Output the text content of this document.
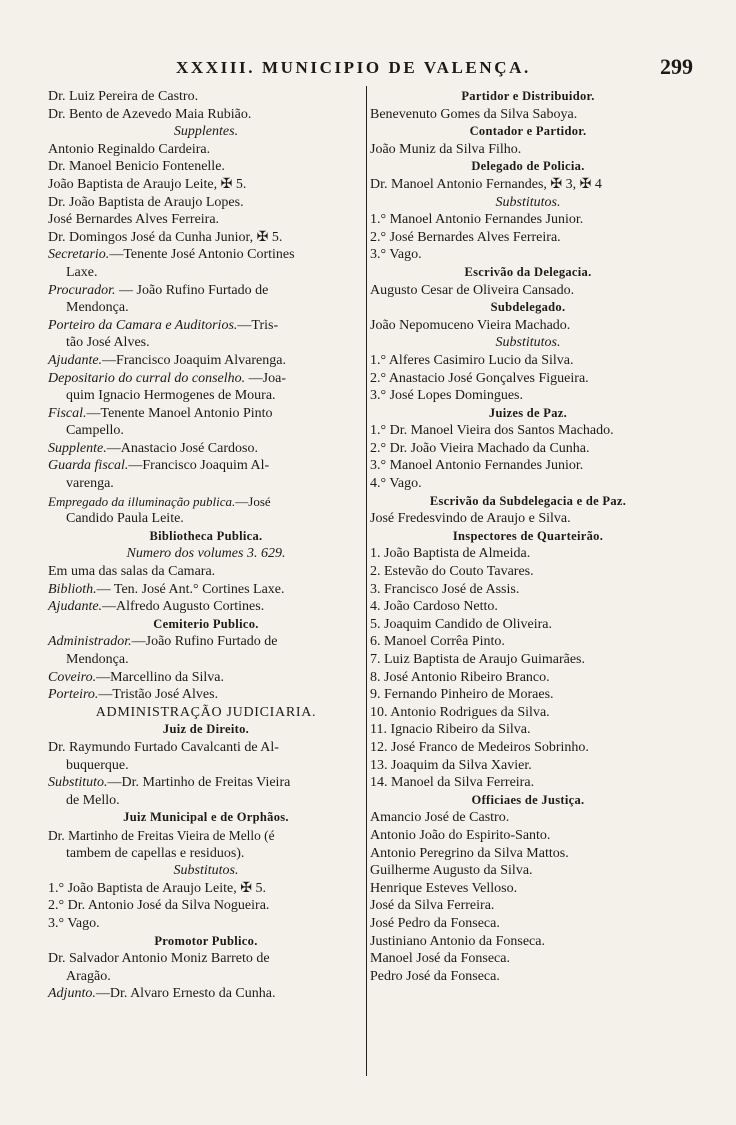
XXXIII. MUNICIPIO DE VALENÇA.	299
Dr. Luiz Pereira de Castro.
Dr. Bento de Azevedo Maia Rubião.
Supplentes.
Antonio Reginaldo Cardeira.
Dr. Manoel Benicio Fontenelle.
João Baptista de Araujo Leite, ✠ 5.
Dr. João Baptista de Araujo Lopes.
José Bernardes Alves Ferreira.
Dr. Domingos José da Cunha Junior, ✠ 5.
Secretario.—Tenente José Antonio Cortines
Laxe.
Procurador. — João Rufino Furtado de
Mendonça.
Porteiro da Camara e Auditorios.—Tris-
tão José Alves.
Ajudante.—Francisco Joaquim Alvarenga.
Depositario do curral do conselho. —Joa-
quim Ignacio Hermogenes de Moura.
Fiscal.—Tenente Manoel Antonio Pinto
Campello.
Supplente.—Anastacio José Cardoso.
Guarda fiscal.—Francisco Joaquim Al-
varenga.
Empregado da illuminação publica.—José
Candido Paula Leite.
Bibliotheca Publica.
Numero dos volumes 3. 629.
Em uma das salas da Camara.
Biblioth.— Ten. José Ant.° Cortines Laxe.
Ajudante.—Alfredo Augusto Cortines.
Cemiterio Publico.
Administrador.—João Rufino Furtado de
Mendonça.
Coveiro.—Marcellino da Silva.
Porteiro.—Tristão José Alves.
ADMINISTRAÇÃO JUDICIARIA.
Juiz de Direito.
Dr. Raymundo Furtado Cavalcanti de Al-
buquerque.
Substituto.—Dr. Martinho de Freitas Vieira
de Mello.
Juiz Municipal e de Orphãos.
Dr. Martinho de Freitas Vieira de Mello (é
tambem de capellas e residuos).
Substitutos.
1.° João Baptista de Araujo Leite, ✠ 5.
2.° Dr. Antonio José da Silva Nogueira.
3.° Vago.
Promotor Publico.
Dr. Salvador Antonio Moniz Barreto de
Aragão.
Adjunto.—Dr. Alvaro Ernesto da Cunha.
Partidor e Distribuidor.
Benevenuto Gomes da Silva Saboya.
Contador e Partidor.
João Muniz da Silva Filho.
Delegado de Policia.
Dr. Manoel Antonio Fernandes, ✠ 3, ✠ 4
Substitutos.
1.° Manoel Antonio Fernandes Junior.
2.° José Bernardes Alves Ferreira.
3.° Vago.
Escrivão da Delegacia.
Augusto Cesar de Oliveira Cansado.
Subdelegado.
João Nepomuceno Vieira Machado.
Substitutos.
1.° Alferes Casimiro Lucio da Silva.
2.° Anastacio José Gonçalves Figueira.
3.° José Lopes Domingues.
Juizes de Paz.
1.° Dr. Manoel Vieira dos Santos Machado.
2.° Dr. João Vieira Machado da Cunha.
3.° Manoel Antonio Fernandes Junior.
4.° Vago.
Escrivão da Subdelegacia e de Paz.
José Fredesvindo de Araujo e Silva.
Inspectores de Quarteirão.
1. João Baptista de Almeida.
2. Estevão do Couto Tavares.
3. Francisco José de Assis.
4. João Cardoso Netto.
5. Joaquim Candido de Oliveira.
6. Manoel Corrêa Pinto.
7. Luiz Baptista de Araujo Guimarães.
8. José Antonio Ribeiro Branco.
9. Fernando Pinheiro de Moraes.
10. Antonio Rodrigues da Silva.
11. Ignacio Ribeiro da Silva.
12. José Franco de Medeiros Sobrinho.
13. Joaquim da Silva Xavier.
14. Manoel da Silva Ferreira.
Officiaes de Justiça.
Amancio José de Castro.
Antonio João do Espirito-Santo.
Antonio Peregrino da Silva Mattos.
Guilherme Augusto da Silva.
Henrique Esteves Velloso.
José da Silva Ferreira.
José Pedro da Fonseca.
Justiniano Antonio da Fonseca.
Manoel José da Fonseca.
Pedro José da Fonseca.
